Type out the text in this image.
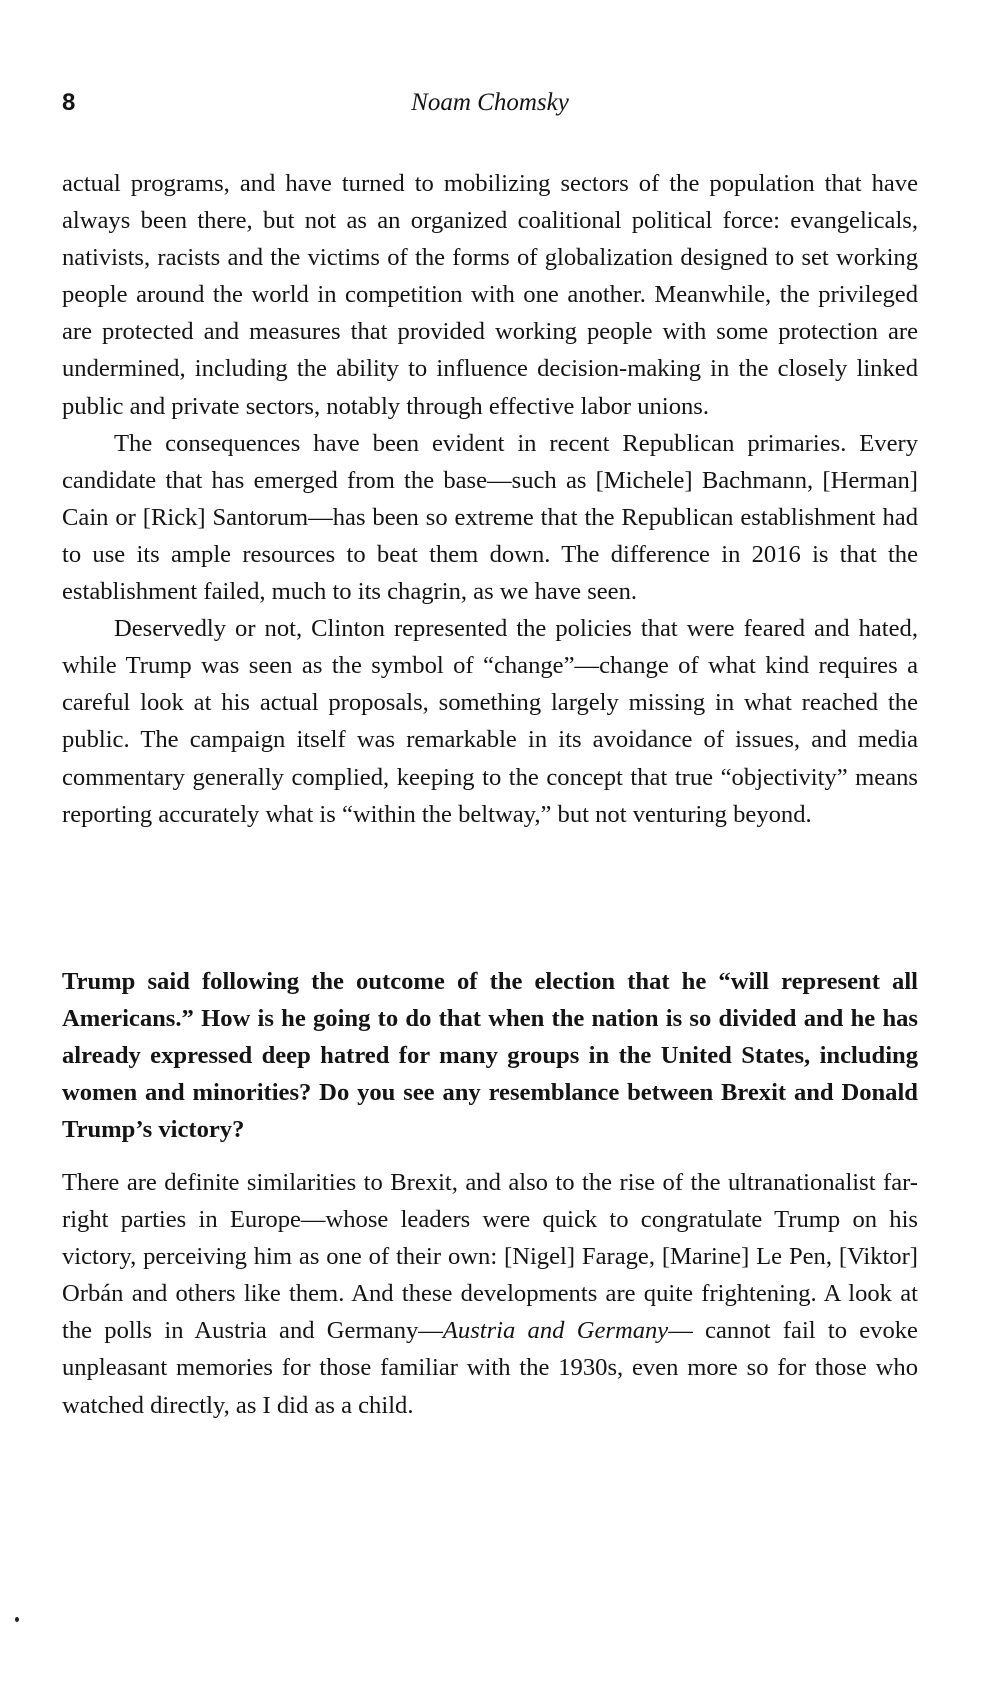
8	Noam Chomsky

actual programs, and have turned to mobilizing sectors of the population that have always been there, but not as an organized coalitional political force: evangelicals, nativists, racists and the victims of the forms of globalization designed to set working people around the world in competition with one another. Meanwhile, the privileged are protected and measures that provided working people with some protection are undermined, including the ability to influence decision-making in the closely linked public and private sectors, notably through effective labor unions.

The consequences have been evident in recent Republican primaries. Every candidate that has emerged from the base—such as [Michele] Bachmann, [Herman] Cain or [Rick] Santorum—has been so extreme that the Republican establishment had to use its ample resources to beat them down. The difference in 2016 is that the establishment failed, much to its chagrin, as we have seen.

Deservedly or not, Clinton represented the policies that were feared and hated, while Trump was seen as the symbol of “change”—change of what kind requires a careful look at his actual proposals, something largely missing in what reached the public. The campaign itself was remarkable in its avoidance of issues, and media commentary generally complied, keeping to the concept that true “objectivity” means reporting accurately what is “within the beltway,” but not venturing beyond.

Trump said following the outcome of the election that he “will represent all Americans.” How is he going to do that when the nation is so divided and he has already expressed deep hatred for many groups in the United States, including women and minorities? Do you see any resemblance between Brexit and Donald Trump’s victory?

There are definite similarities to Brexit, and also to the rise of the ultranationalist far-right parties in Europe—whose leaders were quick to congratulate Trump on his victory, perceiving him as one of their own: [Nigel] Farage, [Marine] Le Pen, [Viktor] Orbán and others like them. And these developments are quite frightening. A look at the polls in Austria and Germany—Austria and Germany— cannot fail to evoke unpleasant memories for those familiar with the 1930s, even more so for those who watched directly, as I did as a child.
